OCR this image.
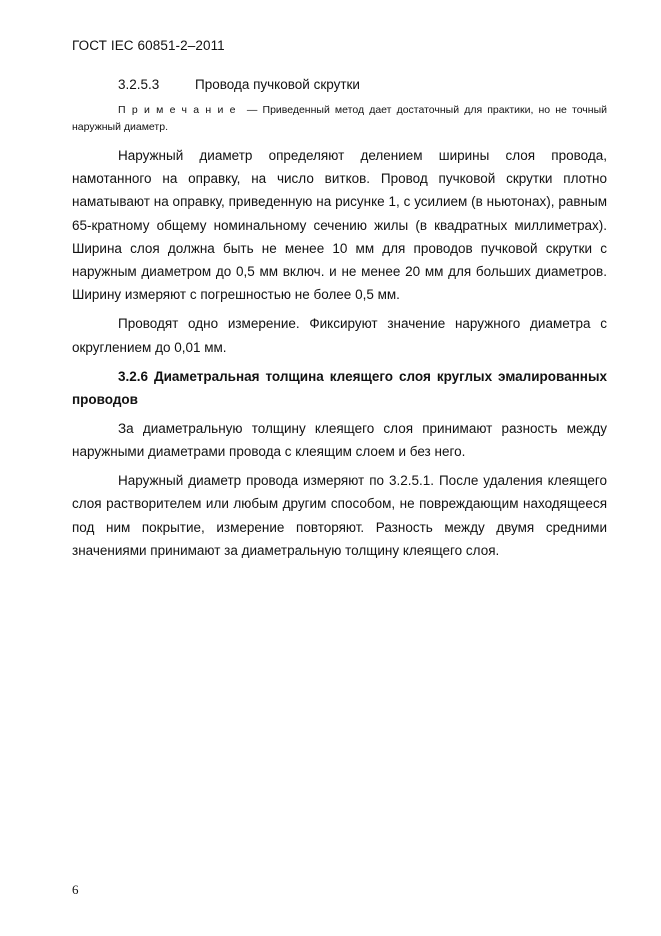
ГОСТ IEC 60851-2–2011
3.2.5.3	Провода пучковой скрутки
Примечание — Приведенный метод дает достаточный для практики, но не точный наружный диаметр.

Наружный диаметр определяют делением ширины слоя провода, намотанного на оправку, на число витков. Провод пучковой скрутки плотно наматывают на оправку, приведенную на рисунке 1, с усилием (в ньютонах), равным 65-кратному общему номинальному сечению жилы (в квадратных миллиметрах). Ширина слоя должна быть не менее 10 мм для проводов пучковой скрутки с наружным диаметром до 0,5 мм включ. и не менее 20 мм для больших диаметров. Ширину измеряют с погрешностью не более 0,5 мм.

Проводят одно измерение. Фиксируют значение наружного диаметра с округлением до 0,01 мм.

3.2.6 Диаметральная толщина клеящего слоя круглых эмалированных проводов

За диаметральную толщину клеящего слоя принимают разность между наружными диаметрами провода с клеящим слоем и без него.

Наружный диаметр провода измеряют по 3.2.5.1. После удаления клеящего слоя растворителем или любым другим способом, не повреждающим находящееся под ним покрытие, измерение повторяют. Разность между двумя средними значениями принимают за диаметральную толщину клеящего слоя.

6
